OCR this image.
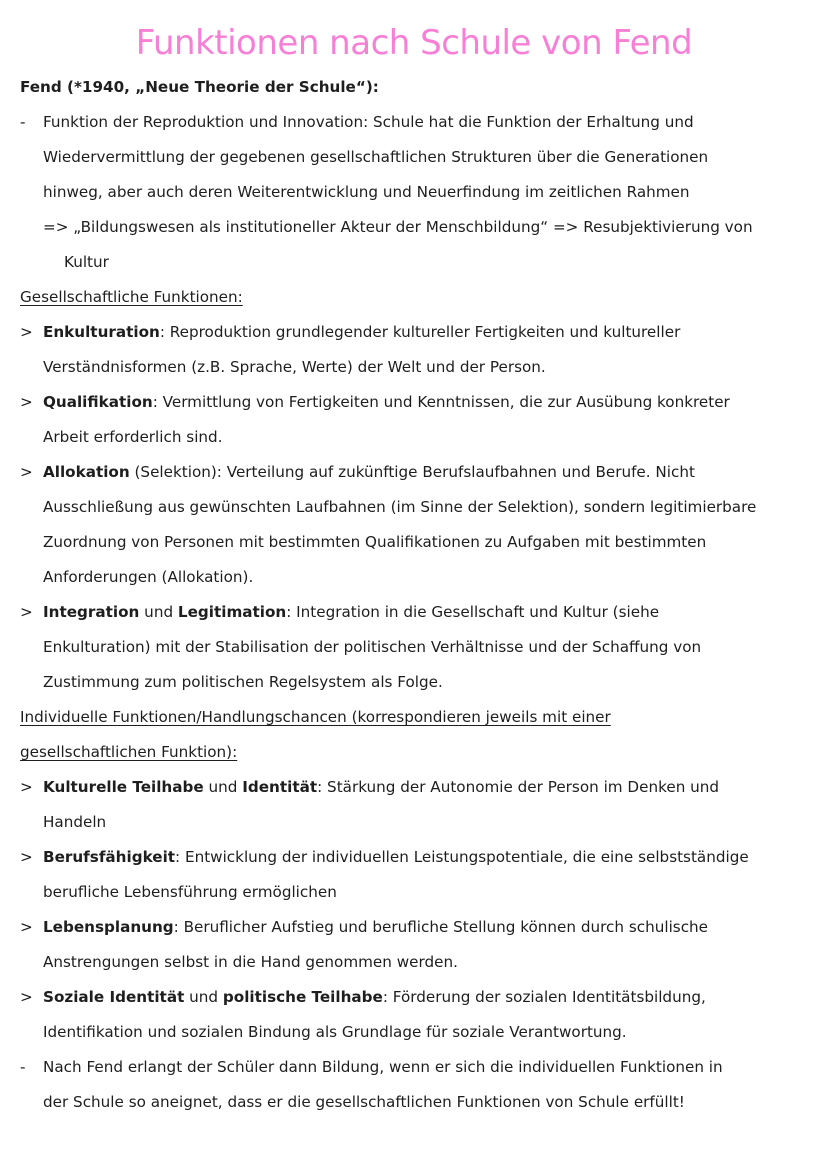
Funktionen nach Schule von Fend
Fend (*1940, „Neue Theorie der Schule“):
- Funktion der Reproduktion und Innovation: Schule hat die Funktion der Erhaltung und
Wiedervermittlung der gegebenen gesellschaftlichen Strukturen über die Generationen
hinweg, aber auch deren Weiterentwicklung und Neuerfindung im zeitlichen Rahmen
=> „Bildungswesen als institutioneller Akteur der Menschbildung“ => Resubjektivierung von
Kultur
Gesellschaftliche Funktionen:
> Enkulturation: Reproduktion grundlegender kultureller Fertigkeiten und kultureller
Verständnisformen (z.B. Sprache, Werte) der Welt und der Person.
> Qualifikation: Vermittlung von Fertigkeiten und Kenntnissen, die zur Ausübung konkreter
Arbeit erforderlich sind.
> Allokation (Selektion): Verteilung auf zukünftige Berufslaufbahnen und Berufe. Nicht
Ausschließung aus gewünschten Laufbahnen (im Sinne der Selektion), sondern legitimierbare
Zuordnung von Personen mit bestimmten Qualifikationen zu Aufgaben mit bestimmten
Anforderungen (Allokation).
> Integration und Legitimation: Integration in die Gesellschaft und Kultur (siehe
Enkulturation) mit der Stabilisation der politischen Verhältnisse und der Schaffung von
Zustimmung zum politischen Regelsystem als Folge.
Individuelle Funktionen/Handlungschancen (korrespondieren jeweils mit einer
gesellschaftlichen Funktion):
> Kulturelle Teilhabe und Identität: Stärkung der Autonomie der Person im Denken und
Handeln
> Berufsfähigkeit: Entwicklung der individuellen Leistungspotentiale, die eine selbstständige
berufliche Lebensführung ermöglichen
> Lebensplanung: Beruflicher Aufstieg und berufliche Stellung können durch schulische
Anstrengungen selbst in die Hand genommen werden.
> Soziale Identität und politische Teilhabe: Förderung der sozialen Identitätsbildung,
Identifikation und sozialen Bindung als Grundlage für soziale Verantwortung.
- Nach Fend erlangt der Schüler dann Bildung, wenn er sich die individuellen Funktionen in
der Schule so aneignet, dass er die gesellschaftlichen Funktionen von Schule erfüllt!
